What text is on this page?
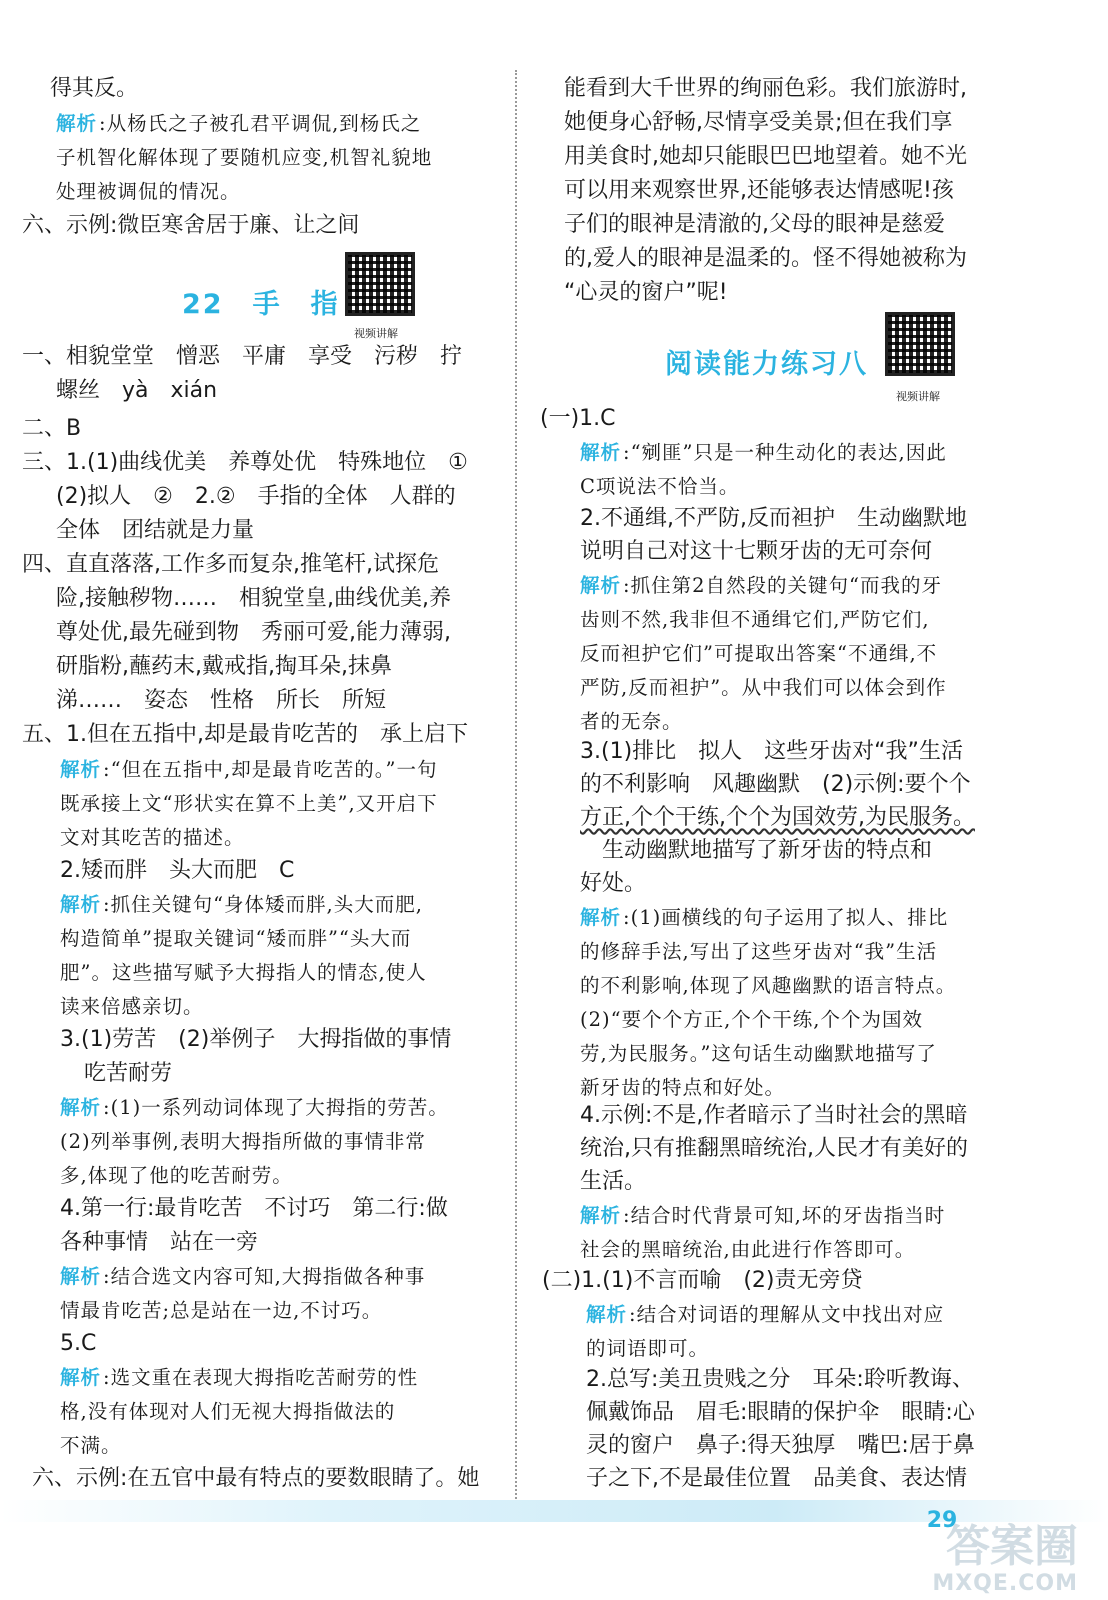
得其反。
解析 :从杨氏之子被孔君平调侃,到杨氏之
子机智化解体现了要随机应变,机智礼貌地
处理被调侃的情况。
六、示例:微臣寒舍居于廉、让之间
一、相貌堂堂　憎恶　平庸　享受　污秽　拧
螺丝　yà　xián
二、B
三、1.(1)曲线优美　养尊处优　特殊地位　①
(2)拟人　②　2.②　手指的全体　人群的
全体　团结就是力量
四、直直落落,工作多而复杂,推笔杆,试探危
险,接触秽物……　相貌堂皇,曲线优美,养
尊处优,最先碰到物　秀丽可爱,能力薄弱,
研脂粉,蘸药末,戴戒指,掏耳朵,抹鼻
涕……　姿态　性格　所长　所短
五、1.但在五指中,却是最肯吃苦的　承上启下
解析 :“但在五指中,却是最肯吃苦的。”一句
既承接上文“形状实在算不上美”,又开启下
文对其吃苦的描述。
2.矮而胖　头大而肥　C
解析 :抓住关键句“身体矮而胖,头大而肥,
构造简单”提取关键词“矮而胖”“头大而
肥”。这些描写赋予大拇指人的情态,使人
读来倍感亲切。
3.(1)劳苦　(2)举例子　大拇指做的事情
吃苦耐劳
解析 :(1)一系列动词体现了大拇指的劳苦。
(2)列举事例,表明大拇指所做的事情非常
多,体现了他的吃苦耐劳。
4.第一行:最肯吃苦　不讨巧　第二行:做
各种事情　站在一旁
解析 :结合选文内容可知,大拇指做各种事
情最肯吃苦;总是站在一边,不讨巧。
5.C
解析 :选文重在表现大拇指吃苦耐劳的性
格,没有体现对人们无视大拇指做法的
不满。
六、示例:在五官中最有特点的要数眼睛了。她
能看到大千世界的绚丽色彩。我们旅游时,
她便身心舒畅,尽情享受美景;但在我们享
用美食时,她却只能眼巴巴地望着。她不光
可以用来观察世界,还能够表达情感呢!孩
子们的眼神是清澈的,父母的眼神是慈爱
的,爱人的眼神是温柔的。怪不得她被称为
“心灵的窗户”呢!
(一)1.C
解析 :“剜匪”只是一种生动化的表达,因此
C项说法不恰当。
2.不通缉,不严防,反而袒护　生动幽默地
说明自己对这十七颗牙齿的无可奈何
解析 :抓住第2自然段的关键句“而我的牙
齿则不然,我非但不通缉它们,严防它们,
反而袒护它们”可提取出答案“不通缉,不
严防,反而袒护”。从中我们可以体会到作
者的无奈。
3.(1)排比　拟人　这些牙齿对“我”生活
的不利影响　风趣幽默　(2)示例:要个个
方正,个个干练,个个为国效劳,为民服务。
生动幽默地描写了新牙齿的特点和
好处。
解析 :(1)画横线的句子运用了拟人、排比
的修辞手法,写出了这些牙齿对“我”生活
的不利影响,体现了风趣幽默的语言特点。
(2)“要个个方正,个个干练,个个为国效
劳,为民服务。”这句话生动幽默地描写了
新牙齿的特点和好处。
4.示例:不是,作者暗示了当时社会的黑暗
统治,只有推翻黑暗统治,人民才有美好的
生活。
解析 :结合时代背景可知,坏的牙齿指当时
社会的黑暗统治,由此进行作答即可。
(二)1.(1)不言而喻　(2)责无旁贷
解析 :结合对词语的理解从文中找出对应
的词语即可。
2.总写:美丑贵贱之分　耳朵:聆听教诲、
佩戴饰品　眉毛:眼睛的保护伞　眼睛:心
灵的窗户　鼻子:得天独厚　嘴巴:居于鼻
子之下,不是最佳位置　品美食、表达情
22　手　指
视频讲解
阅读能力练习八
视频讲解
29
答案圈
MXQE.COM
